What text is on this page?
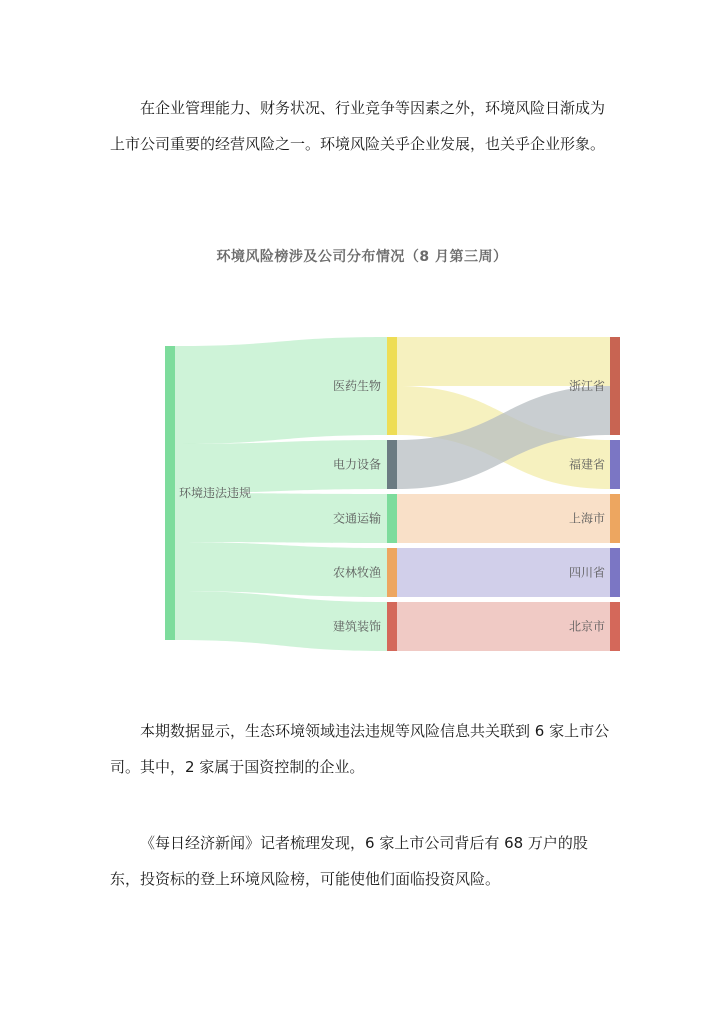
在企业管理能力、财务状况、行业竞争等因素之外，环境风险日渐成为上市公司重要的经营风险之一。环境风险关乎企业发展，也关乎企业形象。

环境风险榜涉及公司分布情况（8 月第三周）
环境违法违规
医药生物
电力设备
交通运输
农林牧渔
建筑装饰
浙江省
福建省
上海市
四川省
北京市

本期数据显示，生态环境领域违法违规等风险信息共关联到 6 家上市公司。其中，2 家属于国资控制的企业。

《每日经济新闻》记者梳理发现，6 家上市公司背后有 68 万户的股东，投资标的登上环境风险榜，可能使他们面临投资风险。
